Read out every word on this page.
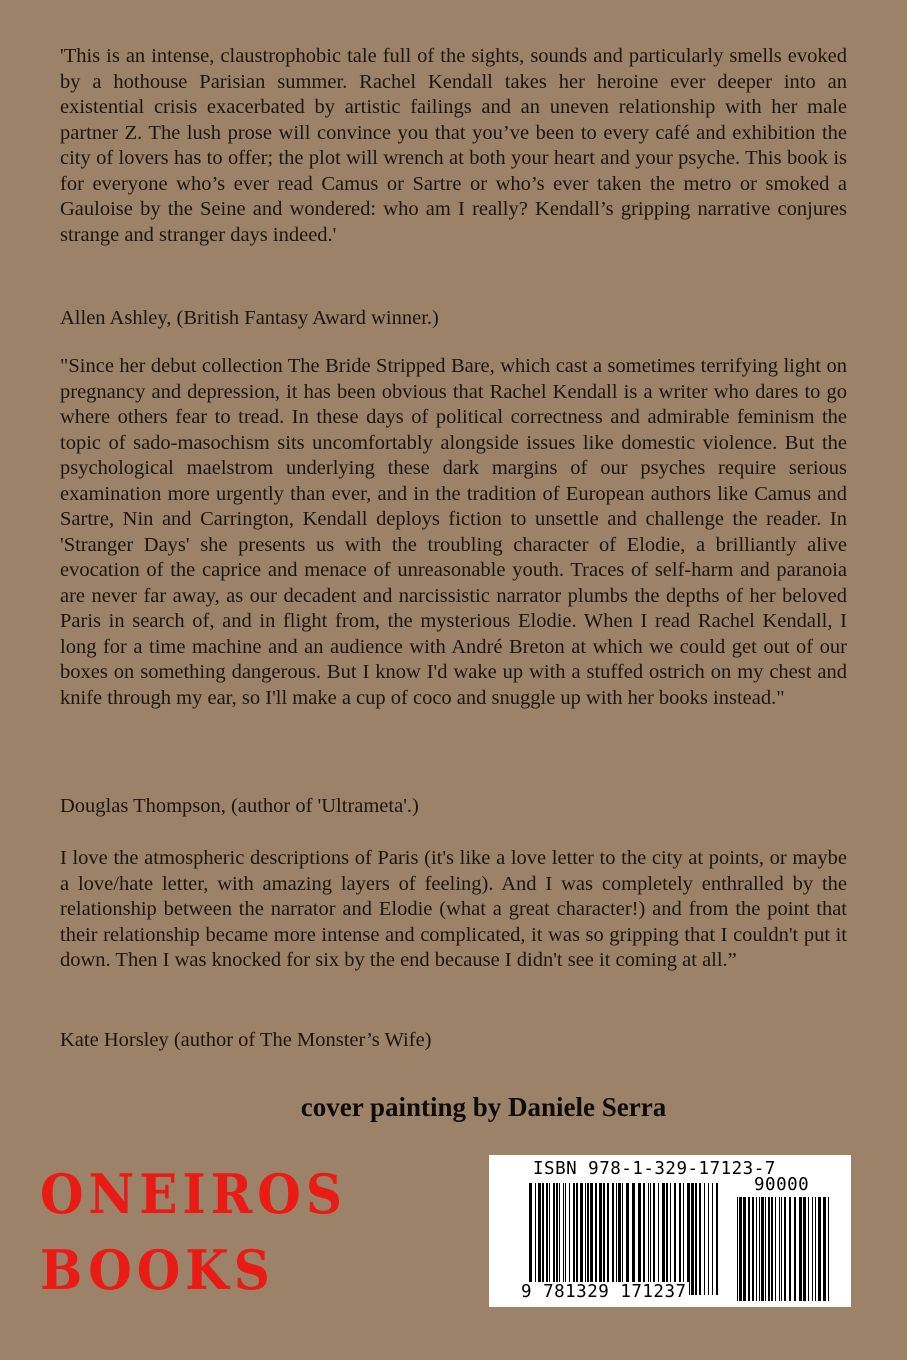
'This is an intense, claustrophobic tale full of the sights, sounds and particularly smells evoked by a hothouse Parisian summer. Rachel Kendall takes her heroine ever deeper into an existential crisis exacerbated by artistic failings and an uneven relationship with her male partner Z. The lush prose will convince you that you’ve been to every café and exhibition the city of lovers has to offer; the plot will wrench at both your heart and your psyche. This book is for everyone who’s ever read Camus or Sartre or who’s ever taken the metro or smoked a Gauloise by the Seine and wondered: who am I really? Kendall’s gripping narrative conjures strange and stranger days indeed.'

Allen Ashley, (British Fantasy Award winner.)

"Since her debut collection The Bride Stripped Bare, which cast a sometimes terrifying light on pregnancy and depression, it has been obvious that Rachel Kendall is a writer who dares to go where others fear to tread. In these days of political correctness and admirable feminism the topic of sado-masochism sits uncomfortably alongside issues like domestic violence. But the psychological maelstrom underlying these dark margins of our psyches require serious examination more urgently than ever, and in the tradition of European authors like Camus and Sartre, Nin and Carrington, Kendall deploys fiction to unsettle and challenge the reader. In 'Stranger Days' she presents us with the troubling character of Elodie, a brilliantly alive evocation of the caprice and menace of unreasonable youth. Traces of self-harm and paranoia are never far away, as our decadent and narcissistic narrator plumbs the depths of her beloved Paris in search of, and in flight from, the mysterious Elodie. When I read Rachel Kendall, I long for a time machine and an audience with André Breton at which we could get out of our boxes on something dangerous. But I know I'd wake up with a stuffed ostrich on my chest and knife through my ear, so I'll make a cup of coco and snuggle up with her books instead."

Douglas Thompson, (author of 'Ultrameta'.)

I love the atmospheric descriptions of Paris (it's like a love letter to the city at points, or maybe a love/hate letter, with amazing layers of feeling). And I was completely enthralled by the relationship between the narrator and Elodie (what a great character!) and from the point that their relationship became more intense and complicated, it was so gripping that I couldn't put it down. Then I was knocked for six by the end because I didn't see it coming at all.”

Kate Horsley (author of The Monster’s Wife)

cover painting by Daniele Serra
ONEIROS
BOOKS
ISBN 978-1-329-17123-7
90000
9 781329 171237
